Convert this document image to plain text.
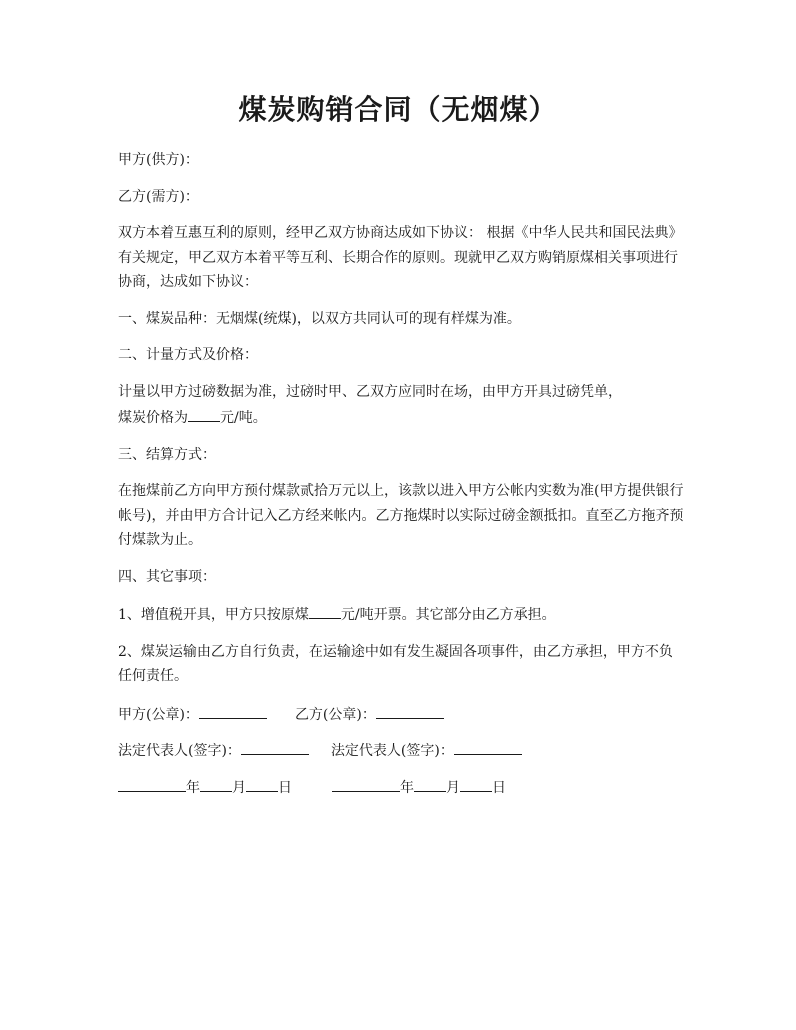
煤炭购销合同（无烟煤）

甲方(供方)：

乙方(需方)：

双方本着互惠互利的原则，经甲乙双方协商达成如下协议： 根据《中华人民共和国民法典》有关规定，甲乙双方本着平等互利、长期合作的原则。现就甲乙双方购销原煤相关事项进行协商，达成如下协议：

一、煤炭品种：无烟煤(统煤)，以双方共同认可的现有样煤为准。

二、计量方式及价格：

计量以甲方过磅数据为准，过磅时甲、乙双方应同时在场，由甲方开具过磅凭单，
煤炭价格为 元/吨。

三、结算方式：

在拖煤前乙方向甲方预付煤款贰拾万元以上，该款以进入甲方公帐内实数为准(甲方提供银行帐号)，并由甲方合计记入乙方经来帐内。乙方拖煤时以实际过磅金额抵扣。直至乙方拖齐预付煤款为止。

四、其它事项：

1、增值税开具，甲方只按原煤 元/吨开票。其它部分由乙方承担。

2、煤炭运输由乙方自行负责，在运输途中如有发生凝固各项事件，由乙方承担，甲方不负任何责任。

甲方(公章)：	乙方(公章)：
法定代表人(签字)：	法定代表人(签字)：
年 月 日	年 月 日
